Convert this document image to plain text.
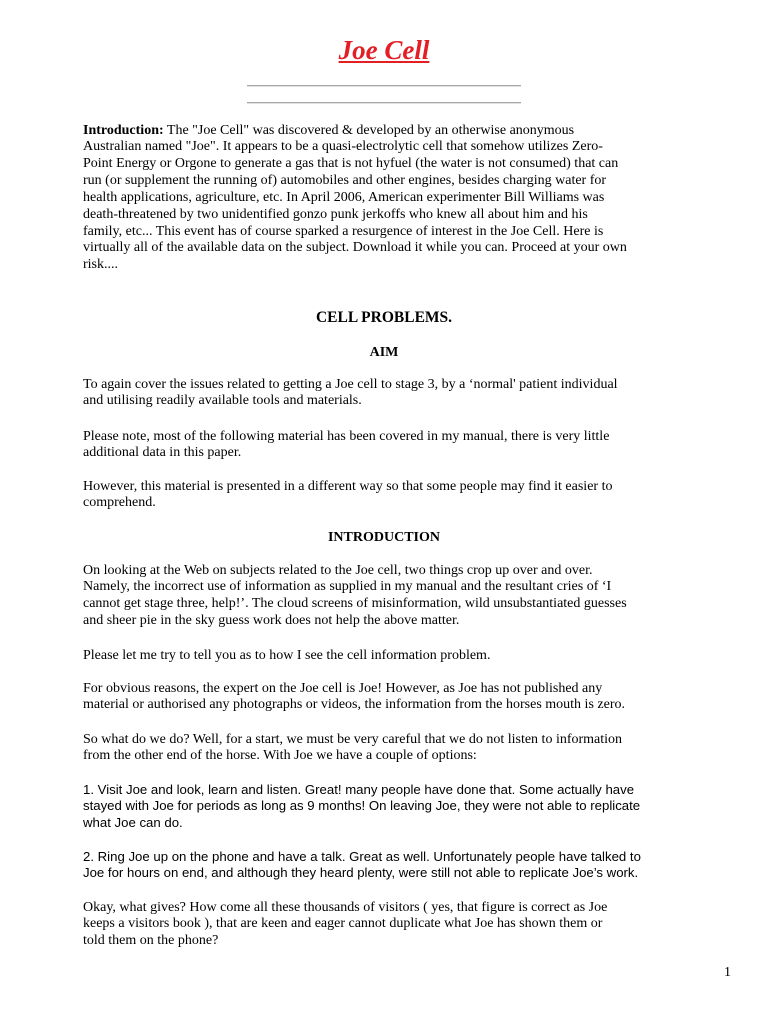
Joe Cell
Introduction: The "Joe Cell" was discovered & developed by an otherwise anonymous
Australian named "Joe". It appears to be a quasi-electrolytic cell that somehow utilizes Zero-
Point Energy or Orgone to generate a gas that is not hyfuel (the water is not consumed) that can
run (or supplement the running of) automobiles and other engines, besides charging water for
health applications, agriculture, etc. In April 2006, American experimenter Bill Williams was
death-threatened by two unidentified gonzo punk jerkoffs who knew all about him and his
family, etc... This event has of course sparked a resurgence of interest in the Joe Cell. Here is
virtually all of the available data on the subject. Download it while you can. Proceed at your own
risk....
CELL PROBLEMS.
AIM
To again cover the issues related to getting a Joe cell to stage 3, by a ‘normal' patient individual
and utilising readily available tools and materials.
Please note, most of the following material has been covered in my manual, there is very little
additional data in this paper.
However, this material is presented in a different way so that some people may find it easier to
comprehend.
INTRODUCTION
On looking at the Web on subjects related to the Joe cell, two things crop up over and over.
Namely, the incorrect use of information as supplied in my manual and the resultant cries of ‘I
cannot get stage three, help!’. The cloud screens of misinformation, wild unsubstantiated guesses
and sheer pie in the sky guess work does not help the above matter.
Please let me try to tell you as to how I see the cell information problem.
For obvious reasons, the expert on the Joe cell is Joe! However, as Joe has not published any
material or authorised any photographs or videos, the information from the horses mouth is zero.
So what do we do? Well, for a start, we must be very careful that we do not listen to information
from the other end of the horse. With Joe we have a couple of options:
1. Visit Joe and look, learn and listen. Great! many people have done that. Some actually have
stayed with Joe for periods as long as 9 months! On leaving Joe, they were not able to replicate
what Joe can do.
2. Ring Joe up on the phone and have a talk. Great as well. Unfortunately people have talked to
Joe for hours on end, and although they heard plenty, were still not able to replicate Joe’s work.
Okay, what gives? How come all these thousands of visitors ( yes, that figure is correct as Joe
keeps a visitors book ), that are keen and eager cannot duplicate what Joe has shown them or
told them on the phone?
1
